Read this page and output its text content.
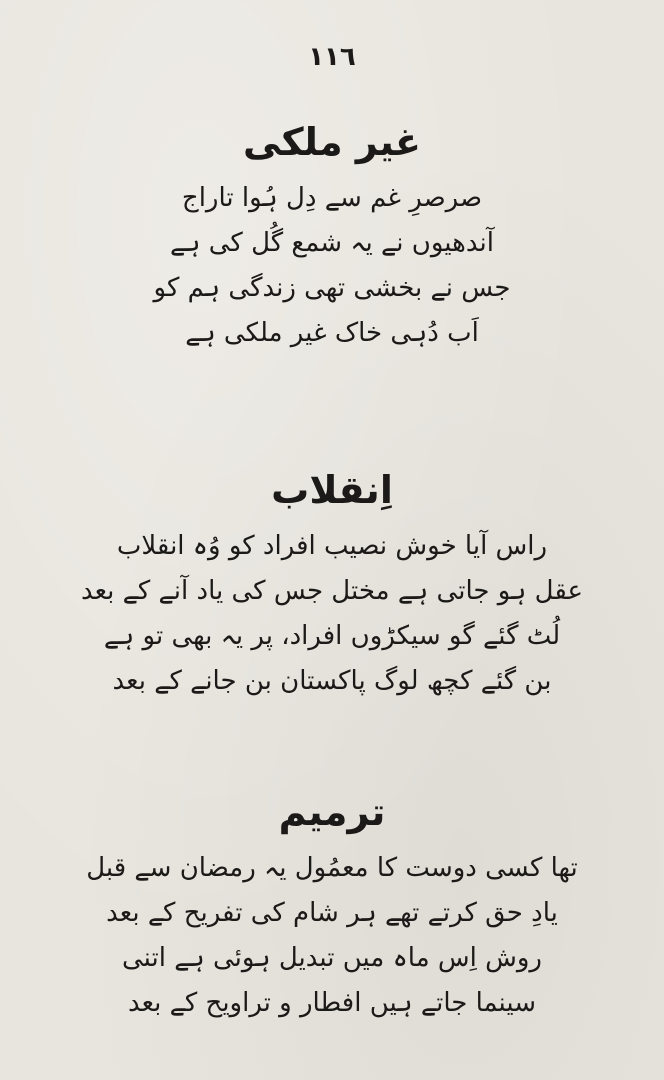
١١٦
غیر ملکی

صرصرِ غم سے دِل ہُوا تاراج

آندھیوں نے یہ شمع گُل کی ہے

جس نے بخشی تھی زندگی ہم کو

اَب دُہی خاک غیر ملکی ہے

اِنقلاب

راس آیا خوش نصیب افراد کو وُہ انقلاب

عقل ہو جاتی ہے مختل جس کی یاد آنے کے بعد

لُٹ گئے گو سیکڑوں افراد، پر یہ بھی تو ہے

بن گئے کچھ لوگ پاکستان بن جانے کے بعد

ترمیم

تھا کسی دوست کا معمُول یہ رمضان سے قبل

یادِ حق کرتے تھے ہر شام کی تفریح کے بعد

روش اِس ماہ میں تبدیل ہوئی ہے اتنی

سینما جاتے ہیں افطار و تراویح کے بعد
